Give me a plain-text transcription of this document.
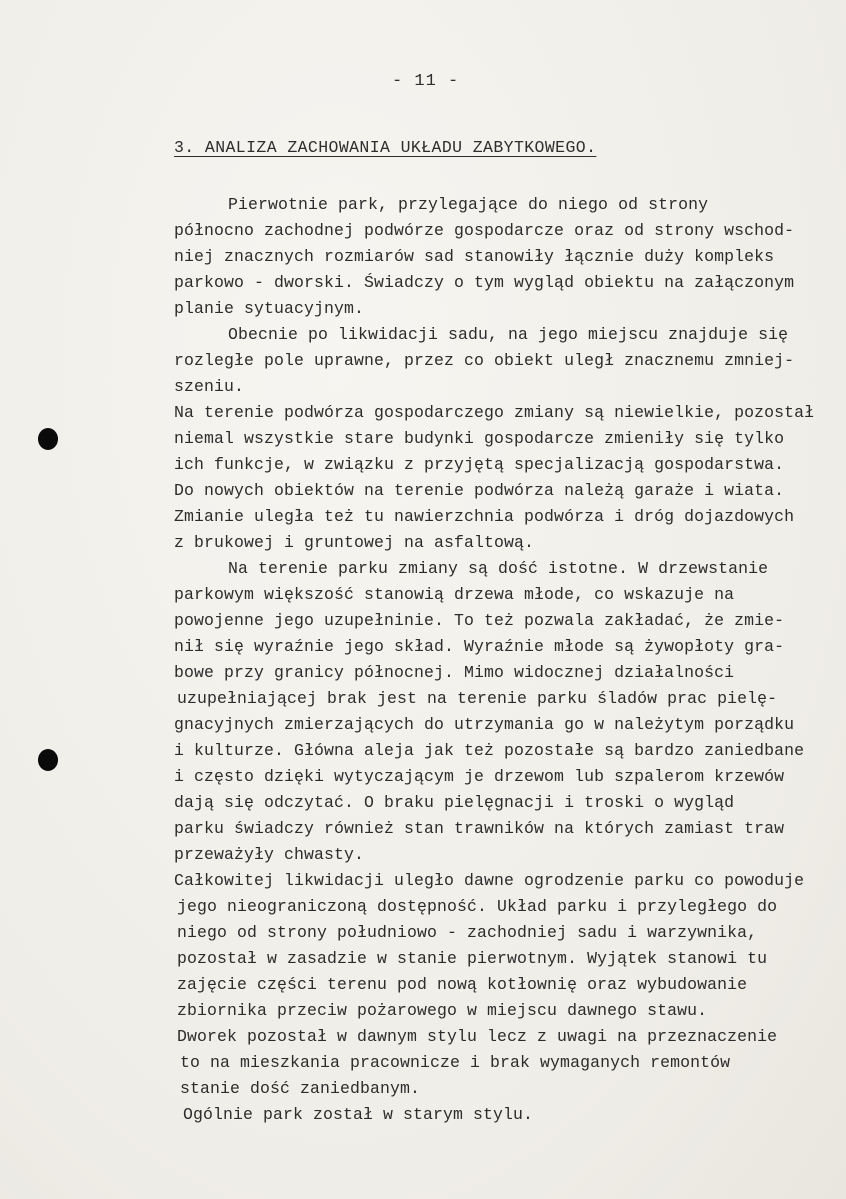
- 11 -
3. ANALIZA ZACHOWANIA UKŁADU ZABYTKOWEGO.
Pierwotnie park, przylegające do niego od strony
północno zachodnej podwórze gospodarcze oraz od strony wschod-
niej znacznych rozmiarów sad stanowiły łącznie duży kompleks
parkowo - dworski. Świadczy o tym wygląd obiektu na załączonym
planie sytuacyjnym.
Obecnie po likwidacji sadu, na jego miejscu znajduje się
rozległe pole uprawne, przez co obiekt uległ znacznemu zmniej-
szeniu.
Na terenie podwórza gospodarczego zmiany są niewielkie, pozostał
niemal wszystkie stare budynki gospodarcze zmieniły się tylko
ich funkcje, w związku z przyjętą specjalizacją gospodarstwa.
Do nowych obiektów na terenie podwórza należą garaże i wiata.
Zmianie uległa też tu nawierzchnia podwórza i dróg dojazdowych
z brukowej i gruntowej na asfaltową.
Na terenie parku zmiany są dość istotne. W drzewstanie
parkowym większość stanowią drzewa młode, co wskazuje na
powojenne jego uzupełninie. To też pozwala zakładać, że zmie-
nił się wyraźnie jego skład. Wyraźnie młode są żywopłoty gra-
bowe przy granicy północnej. Mimo widocznej działalności
uzupełniającej brak jest na terenie parku śladów prac pielę-
gnacyjnych zmierzających do utrzymania go w należytym porządku
i kulturze. Główna aleja jak też pozostałe są bardzo zaniedbane
i często dzięki wytyczającym je drzewom lub szpalerom krzewów
dają się odczytać. O braku pielęgnacji i troski o wygląd
parku świadczy również stan trawników na których zamiast traw
przeważyły chwasty.
Całkowitej likwidacji uległo dawne ogrodzenie parku co powoduje
jego nieograniczoną dostępność. Układ parku i przyległego do
niego od strony południowo - zachodniej sadu i warzywnika,
pozostał w zasadzie w stanie pierwotnym. Wyjątek stanowi tu
zajęcie części terenu pod nową kotłownię oraz wybudowanie
zbiornika przeciw pożarowego w miejscu dawnego stawu.
Dworek pozostał w dawnym stylu lecz z uwagi na przeznaczenie
to na mieszkania pracownicze i brak wymaganych remontów
stanie dość zaniedbanym.
Ogólnie park został w starym stylu.
